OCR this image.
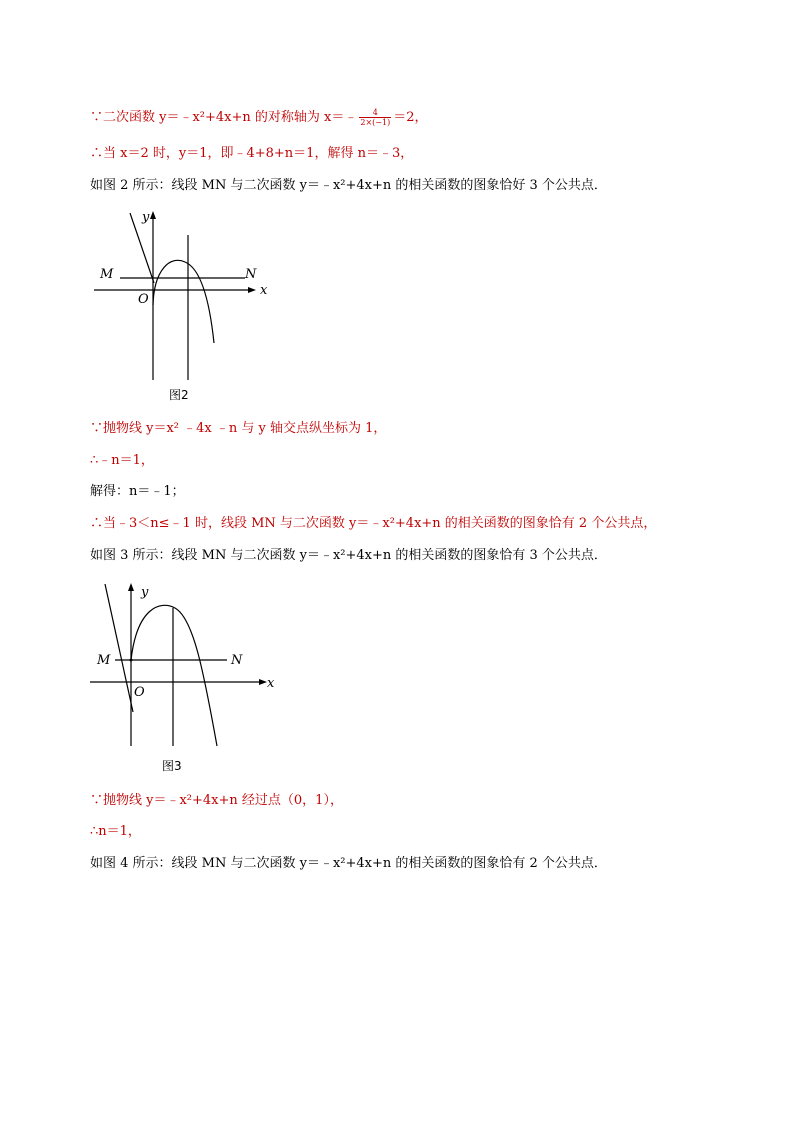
∵二次函数 y＝﹣x²+4x+n 的对称轴为 x＝﹣ $\frac{4}{2\times(-1)} =2$，
∴当 x＝2 时，y＝1，即﹣4+8+n＝1，解得 n＝﹣3，
如图 2 所示：线段 MN 与二次函数 y＝﹣x²+4x+n 的相关函数的图象恰好 3 个公共点．
M	N
y
x
O
图2
∵抛物线 y＝x² ﹣4x ﹣n 与 y 轴交点纵坐标为 1，
∴﹣n＝1，
解得：n＝﹣1；
∴当﹣3＜n≤﹣1 时，线段 MN 与二次函数 y＝﹣x²+4x+n 的相关函数的图象恰有 2 个公共点，
如图 3 所示：线段 MN 与二次函数 y＝﹣x²+4x+n 的相关函数的图象恰有 3 个公共点．
M	N
y
x
O
图3
∵抛物线 y＝﹣x²+4x+n 经过点（0，1），
∴n＝1，
如图 4 所示：线段 MN 与二次函数 y＝﹣x²+4x+n 的相关函数的图象恰有 2 个公共点．
